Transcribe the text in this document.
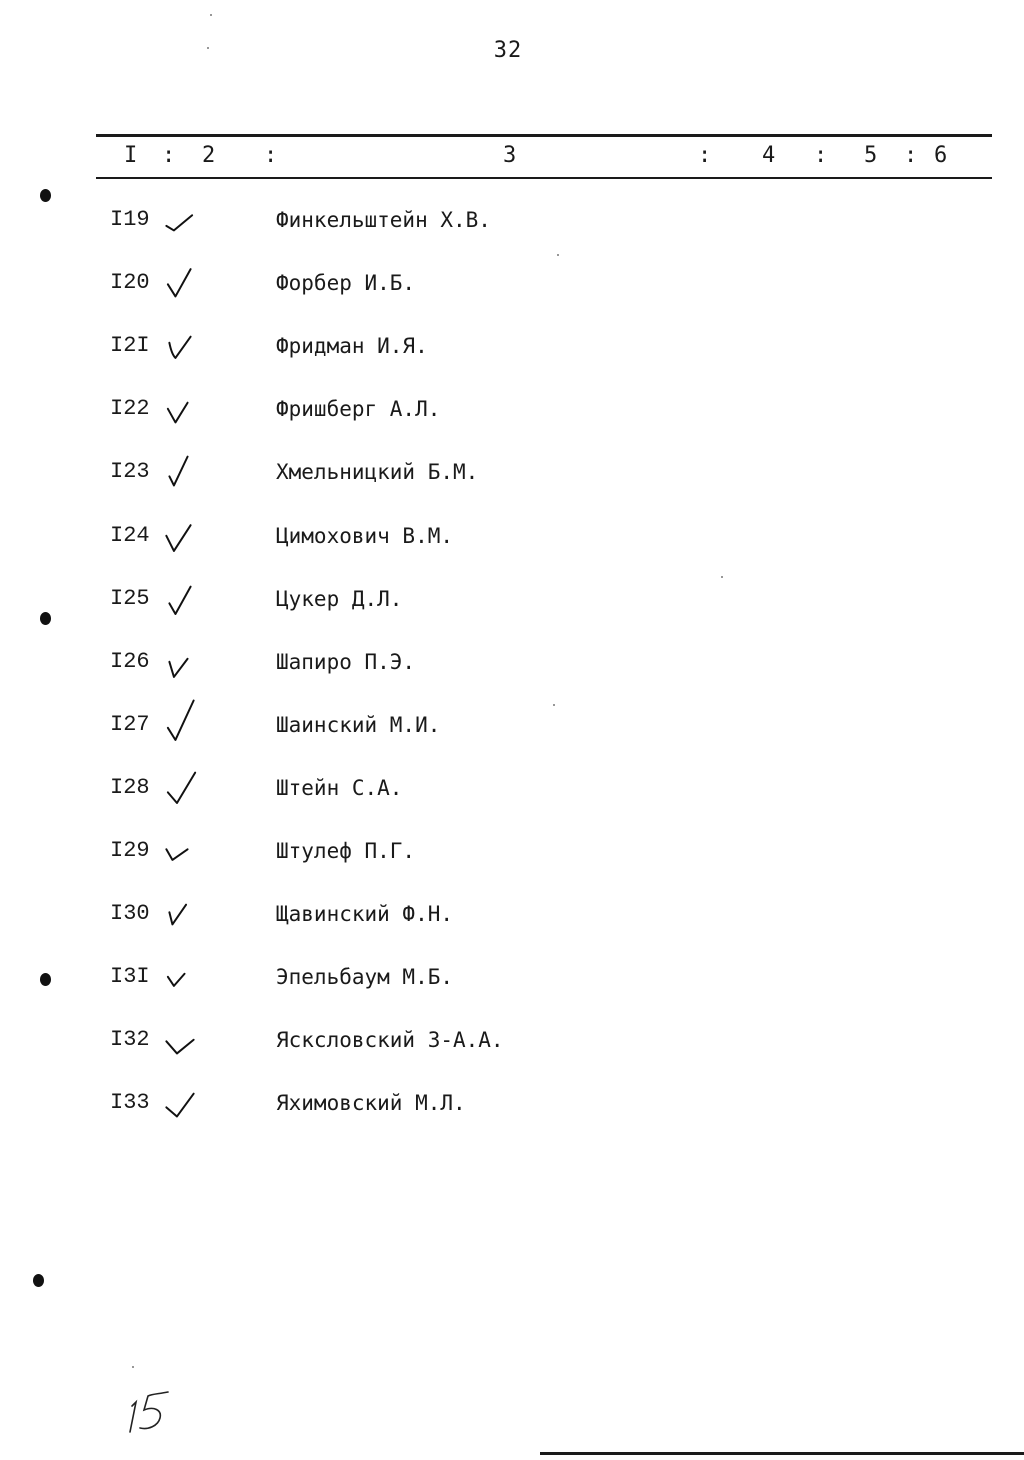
32
I : 2 :	3	: 4 : 5 : 6
I19	Финкельштейн Х.В.
I20	Форбер И.Б.
I2I	Фридман И.Я.
I22	Фришберг А.Л.
I23	Хмельницкий Б.М.
I24	Цимохович В.М.
I25	Цукер Д.Л.
I26	Шапиро П.Э.
I27	Шаинский М.И.
I28	Штейн С.А.
I29	Штулеф П.Г.
I30	Щавинский Ф.Н.
I3I	Эпельбаум М.Б.
I32	Ясксловский З-А.А.
I33	Яхимовский М.Л.
